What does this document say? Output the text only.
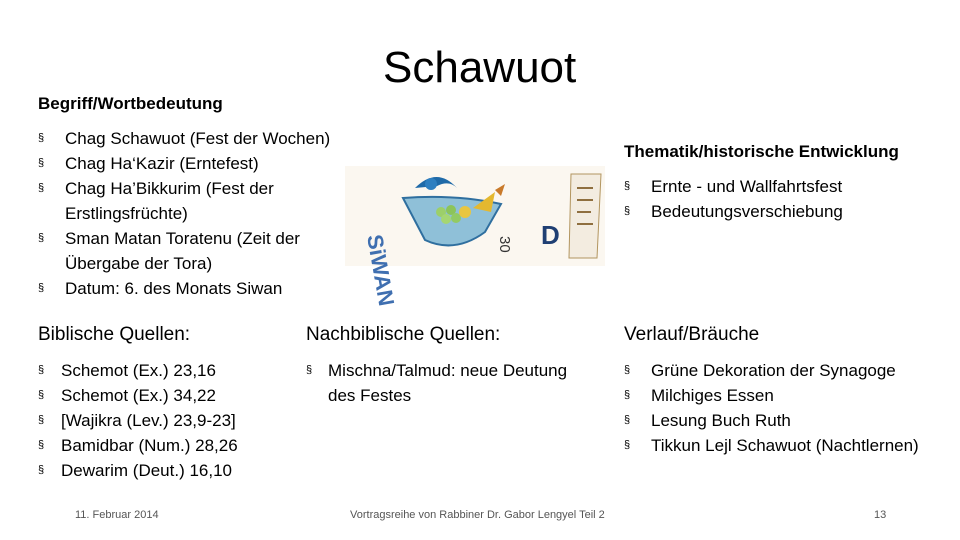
Schawuot
Begriff/Wortbedeutung
§ Chag Schawuot (Fest der Wochen)
§ Chag Ha‘Kazir (Erntefest)
§ Chag Ha’Bikkurim (Fest der
Erstlingsfrüchte)
§ Sman Matan Toratenu (Zeit der
Übergabe der Tora)
§ Datum: 6. des Monats Siwan	SiWAN	30 D
Thematik/historische Entwicklung
§ Ernte - und Wallfahrtsfest
§ Bedeutungsverschiebung
Biblische Quellen:
§ Schemot (Ex.) 23,16
§ Schemot (Ex.) 34,22
§ [Wajikra (Lev.) 23,9-23]
§ Bamidbar (Num.) 28,26
§ Dewarim (Deut.) 16,10
Nachbiblische Quellen:
§ Mischna/Talmud: neue Deutung
des Festes
Verlauf/Bräuche
§ Grüne Dekoration der Synagoge
§ Milchiges Essen
§ Lesung Buch Ruth
§ Tikkun Lejl Schawuot (Nachtlernen)
11. Februar 2014	Vortragsreihe von Rabbiner Dr. Gabor Lengyel Teil 2	13
